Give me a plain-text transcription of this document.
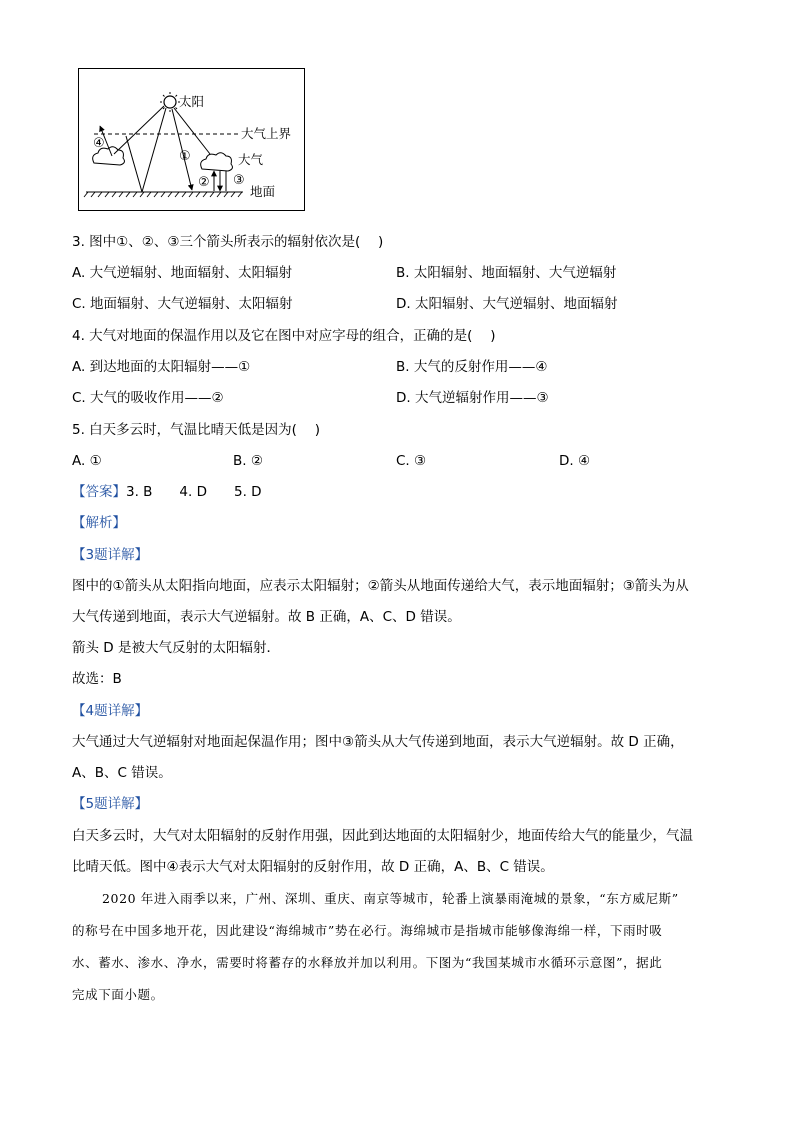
太阳
大气上界
大气
地面
④
①
② ③
3. 图中①、②、③三个箭头所表示的辐射依次是(　 )
A. 大气逆辐射、地面辐射、太阳辐射	B. 太阳辐射、地面辐射、大气逆辐射
C. 地面辐射、大气逆辐射、太阳辐射	D. 太阳辐射、大气逆辐射、地面辐射
4. 大气对地面的保温作用以及它在图中对应字母的组合，正确的是(　 )
A. 到达地面的太阳辐射——①	B. 大气的反射作用——④
C. 大气的吸收作用——②	D. 大气逆辐射作用——③
5. 白天多云时，气温比晴天低是因为(　 )
A. ①	B. ②	C. ③	D. ④
【答案】3. B　　4. D　　5. D
【解析】
【3题详解】
图中的①箭头从太阳指向地面，应表示太阳辐射；②箭头从地面传递给大气，表示地面辐射；③箭头为从
大气传递到地面，表示大气逆辐射。故 B 正确，A、C、D 错误。
箭头 D 是被大气反射的太阳辐射．
故选：B
【4题详解】
大气通过大气逆辐射对地面起保温作用；图中③箭头从大气传递到地面，表示大气逆辐射。故 D 正确，
A、B、C 错误。
【5题详解】
白天多云时，大气对太阳辐射的反射作用强，因此到达地面的太阳辐射少，地面传给大气的能量少，气温
比晴天低。图中④表示大气对太阳辐射的反射作用，故 D 正确，A、B、C 错误。
2020 年进入雨季以来，广州、深圳、重庆、南京等城市，轮番上演暴雨淹城的景象，“东方威尼斯”
的称号在中国多地开花，因此建设“海绵城市”势在必行。海绵城市是指城市能够像海绵一样，下雨时吸
水、蓄水、渗水、净水，需要时将蓄存的水释放并加以利用。下图为“我国某城市水循环示意图”，据此
完成下面小题。
